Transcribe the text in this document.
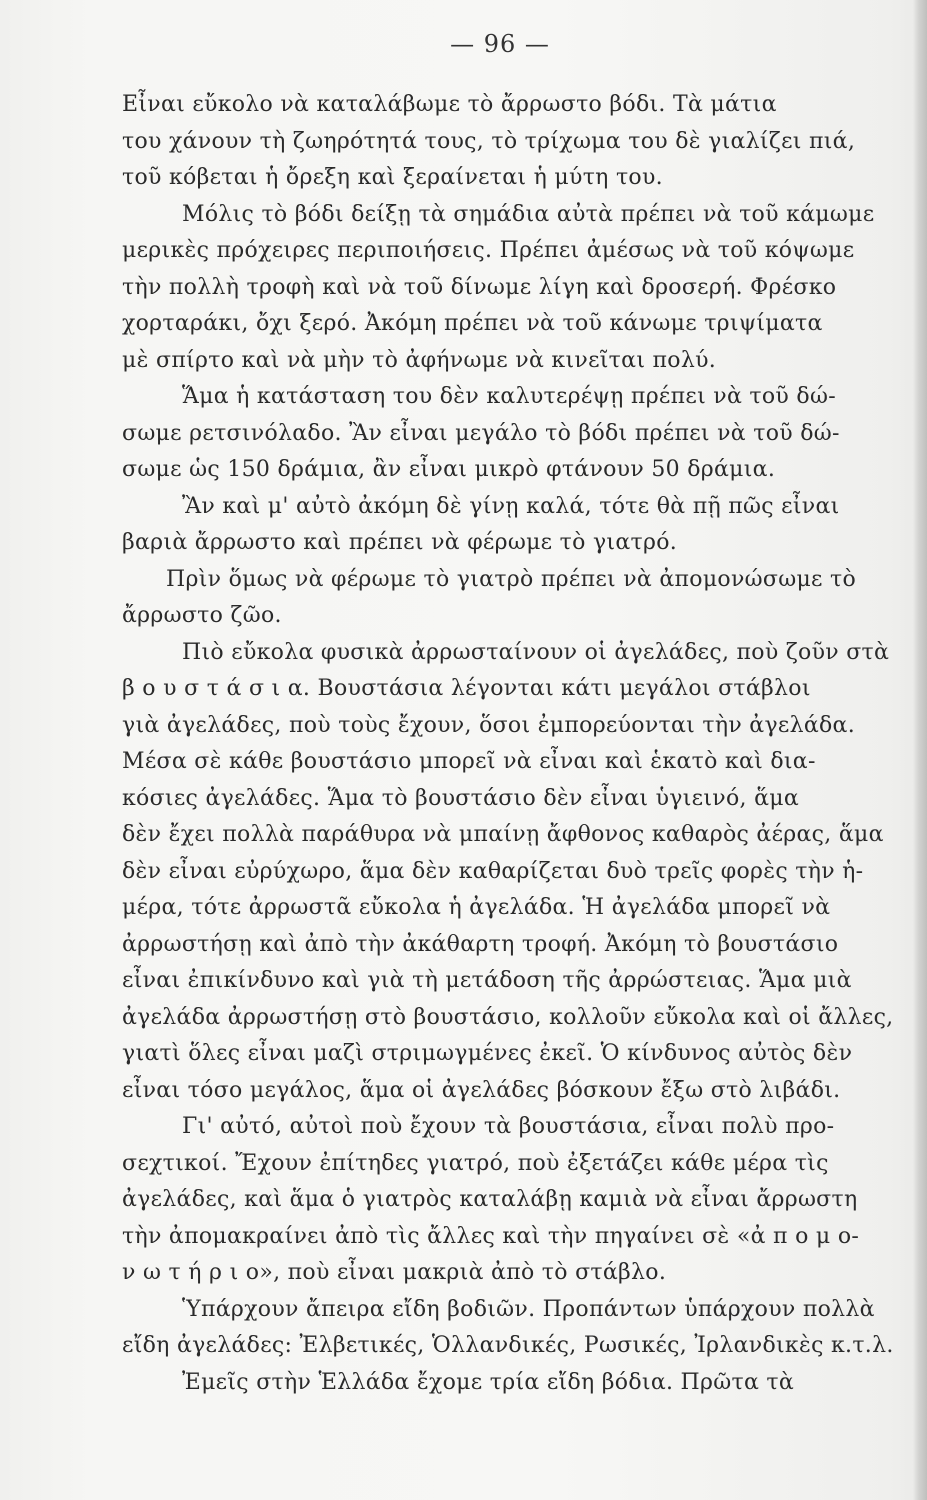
— 96 —
Εἶναι εὔκολο νὰ καταλάβωμε τὸ ἄρρωστο βόδι. Τὰ μάτια
του χάνουν τὴ ζωηρότητά τους, τὸ τρίχωμα του δὲ γιαλίζει πιά,
τοῦ κόβεται ἡ ὄρεξη καὶ ξεραίνεται ἡ μύτη του.
Μόλις τὸ βόδι δείξῃ τὰ σημάδια αὐτὰ πρέπει νὰ τοῦ κάμωμε
μερικὲς πρόχειρες περιποιήσεις. Πρέπει ἀμέσως νὰ τοῦ κόψωμε
τὴν πολλὴ τροφὴ καὶ νὰ τοῦ δίνωμε λίγη καὶ δροσερή. Φρέσκο
χορταράκι, ὄχι ξερό. Ἀκόμη πρέπει νὰ τοῦ κάνωμε τριψίματα
μὲ σπίρτο καὶ νὰ μὴν τὸ ἀφήνωμε νὰ κινεῖται πολύ.
Ἅμα ἡ κατάσταση του δὲν καλυτερέψῃ πρέπει νὰ τοῦ δώ-
σωμε ρετσινόλαδο. Ἂν εἶναι μεγάλο τὸ βόδι πρέπει νὰ τοῦ δώ-
σωμε ὡς 150 δράμια, ἂν εἶναι μικρὸ φτάνουν 50 δράμια.
Ἂν καὶ μ' αὐτὸ ἀκόμη δὲ γίνῃ καλά, τότε θὰ πῇ πῶς εἶναι
βαριὰ ἄρρωστο καὶ πρέπει νὰ φέρωμε τὸ γιατρό.
Πρὶν ὅμως νὰ φέρωμε τὸ γιατρὸ πρέπει νὰ ἀπομονώσωμε τὸ
ἄρρωστο ζῶο.
Πιὸ εὔκολα φυσικὰ ἀρρωσταίνουν οἱ ἀγελάδες, ποὺ ζοῦν στὰ
β ο υ σ τ ά σ ι α. Βουστάσια λέγονται κάτι μεγάλοι στάβλοι
γιὰ ἀγελάδες, ποὺ τοὺς ἔχουν, ὅσοι ἐμπορεύονται τὴν ἀγελάδα.
Μέσα σὲ κάθε βουστάσιο μπορεῖ νὰ εἶναι καὶ ἑκατὸ καὶ δια-
κόσιες ἀγελάδες. Ἅμα τὸ βουστάσιο δὲν εἶναι ὑγιεινό, ἅμα
δὲν ἔχει πολλὰ παράθυρα νὰ μπαίνῃ ἄφθονος καθαρὸς ἀέρας, ἅμα
δὲν εἶναι εὐρύχωρο, ἅμα δὲν καθαρίζεται δυὸ τρεῖς φορὲς τὴν ἡ-
μέρα, τότε ἀρρωστᾶ εὔκολα ἡ ἀγελάδα. Ἡ ἀγελάδα μπορεῖ νὰ
ἀρρωστήσῃ καὶ ἀπὸ τὴν ἀκάθαρτη τροφή. Ἀκόμη τὸ βουστάσιο
εἶναι ἐπικίνδυνο καὶ γιὰ τὴ μετάδοση τῆς ἀρρώστειας. Ἅμα μιὰ
ἀγελάδα ἀρρωστήσῃ στὸ βουστάσιο, κολλοῦν εὔκολα καὶ οἱ ἄλλες,
γιατὶ ὅλες εἶναι μαζὶ στριμωγμένες ἐκεῖ. Ὁ κίνδυνος αὐτὸς δὲν
εἶναι τόσο μεγάλος, ἅμα οἱ ἀγελάδες βόσκουν ἔξω στὸ λιβάδι.
Γι' αὐτό, αὐτοὶ ποὺ ἔχουν τὰ βουστάσια, εἶναι πολὺ προ-
σεχτικοί. Ἔχουν ἐπίτηδες γιατρό, ποὺ ἐξετάζει κάθε μέρα τὶς
ἀγελάδες, καὶ ἅμα ὁ γιατρὸς καταλάβῃ καμιὰ νὰ εἶναι ἄρρωστη
τὴν ἀπομακραίνει ἀπὸ τὶς ἄλλες καὶ τὴν πηγαίνει σὲ «ἀ π ο μ ο-
ν ω τ ή ρ ι ο», ποὺ εἶναι μακριὰ ἀπὸ τὸ στάβλο.
Ὑπάρχουν ἄπειρα εἴδη βοδιῶν. Προπάντων ὑπάρχουν πολλὰ
εἴδη ἀγελάδες: Ἐλβετικές, Ὁλλανδικές, Ρωσικές, Ἰρλανδικὲς κ.τ.λ.
Ἐμεῖς στὴν Ἑλλάδα ἔχομε τρία εἴδη βόδια. Πρῶτα τὰ
